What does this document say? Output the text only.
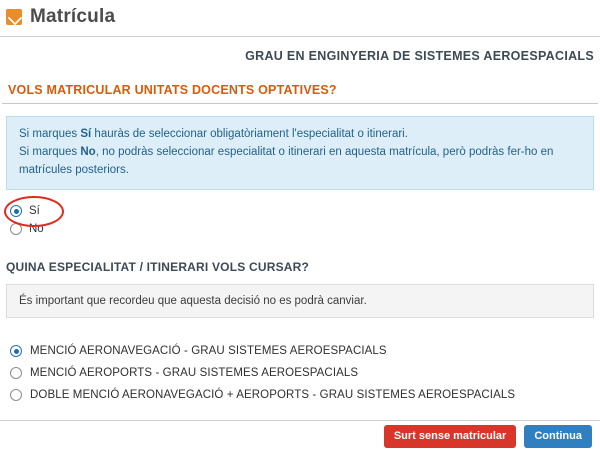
Matrícula
GRAU EN ENGINYERIA DE SISTEMES AEROESPACIALS
VOLS MATRICULAR UNITATS DOCENTS OPTATIVES?
Si marques Sí hauràs de seleccionar obligatòriament l'especialitat o itinerari.
Si marques No, no podràs seleccionar especialitat o itinerari en aquesta matrícula, però podràs fer-ho en matrícules posteriors.
Sí
No
QUINA ESPECIALITAT / ITINERARI VOLS CURSAR?
És important que recordeu que aquesta decisió no es podrà canviar.
MENCIÓ AERONAVEGACIÓ - GRAU SISTEMES AEROESPACIALS
MENCIÓ AEROPORTS - GRAU SISTEMES AEROESPACIALS
DOBLE MENCIÓ AERONAVEGACIÓ + AEROPORTS - GRAU SISTEMES AEROESPACIALS
Surt sense matricular	Continua
